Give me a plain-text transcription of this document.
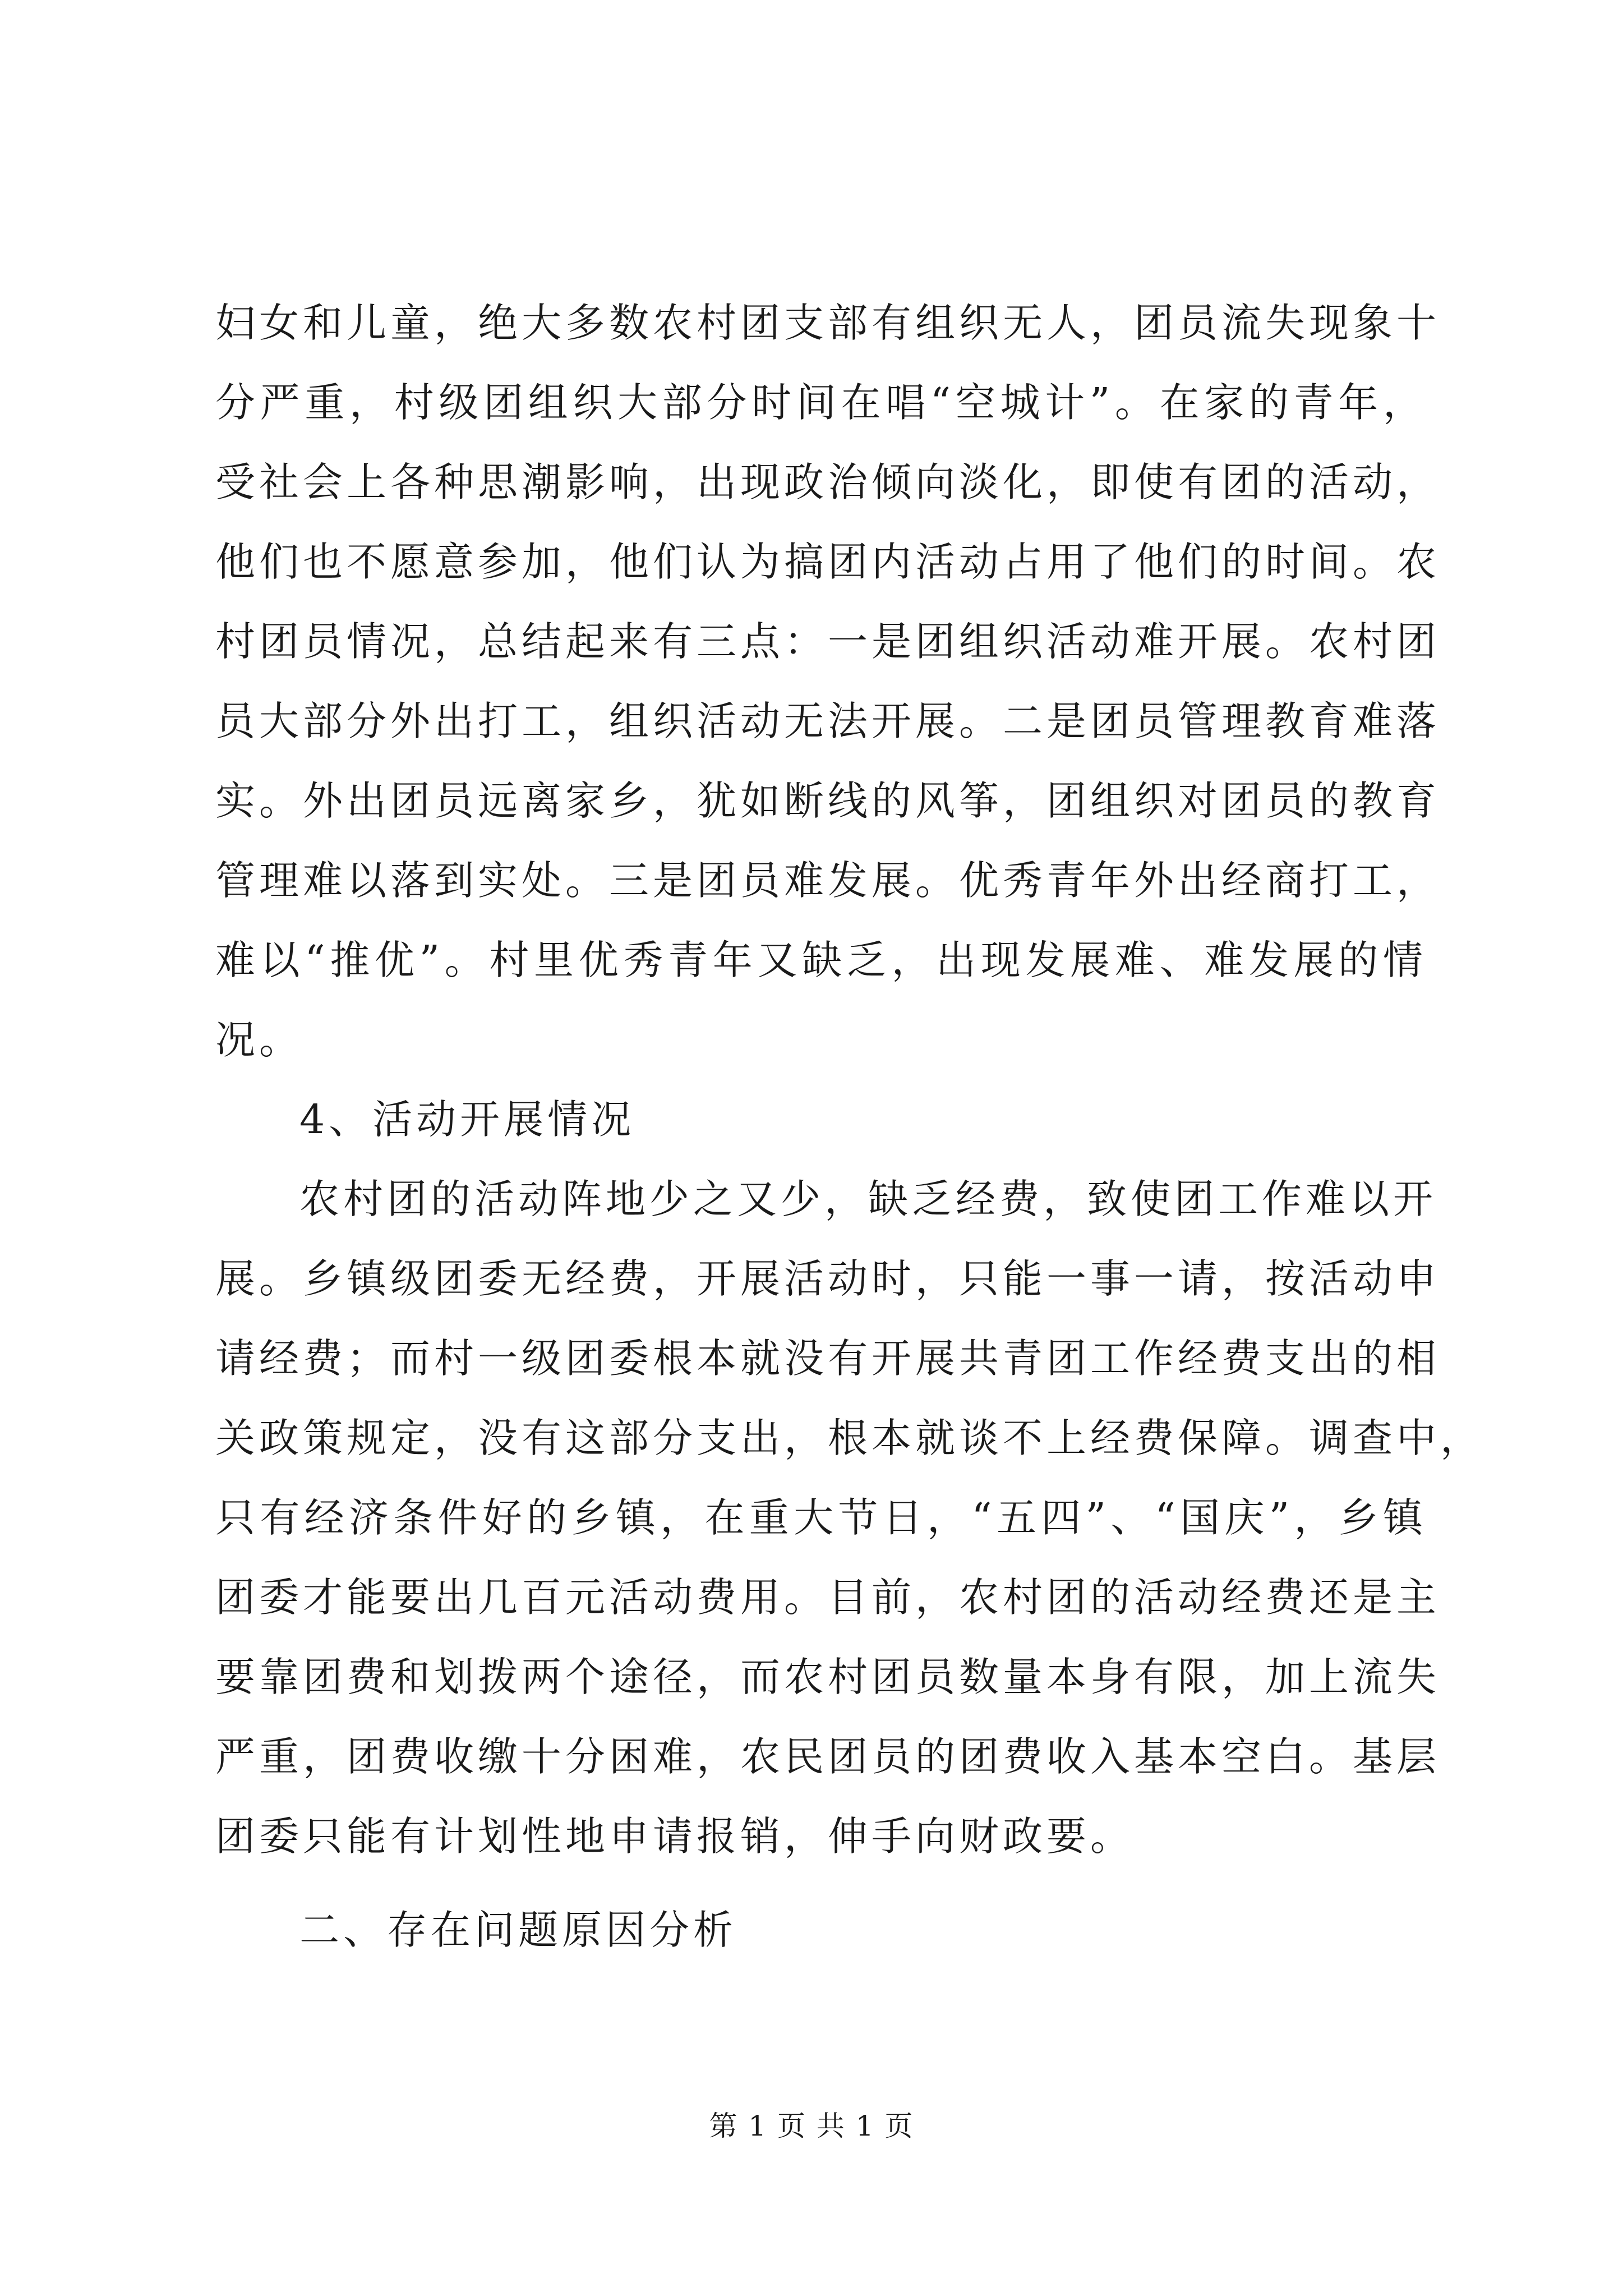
妇女和儿童，绝大多数农村团支部有组织无人，团员流失现象十
分严重，村级团组织大部分时间在唱“空城计”。在家的青年，
受社会上各种思潮影响，出现政治倾向淡化，即使有团的活动，
他们也不愿意参加，他们认为搞团内活动占用了他们的时间。农
村团员情况，总结起来有三点：一是团组织活动难开展。农村团
员大部分外出打工，组织活动无法开展。二是团员管理教育难落
实。外出团员远离家乡，犹如断线的风筝，团组织对团员的教育
管理难以落到实处。三是团员难发展。优秀青年外出经商打工，
难以“推优”。村里优秀青年又缺乏，出现发展难、难发展的情
况。
4、活动开展情况
农村团的活动阵地少之又少，缺乏经费，致使团工作难以开
展。乡镇级团委无经费，开展活动时，只能一事一请，按活动申
请经费；而村一级团委根本就没有开展共青团工作经费支出的相
关政策规定，没有这部分支出，根本就谈不上经费保障。调查中，
只有经济条件好的乡镇，在重大节日，“五四”、“国庆”，乡镇
团委才能要出几百元活动费用。目前，农村团的活动经费还是主
要靠团费和划拨两个途径，而农村团员数量本身有限，加上流失
严重，团费收缴十分困难，农民团员的团费收入基本空白。基层
团委只能有计划性地申请报销，伸手向财政要。
二、存在问题原因分析
第 1 页 共 1 页
